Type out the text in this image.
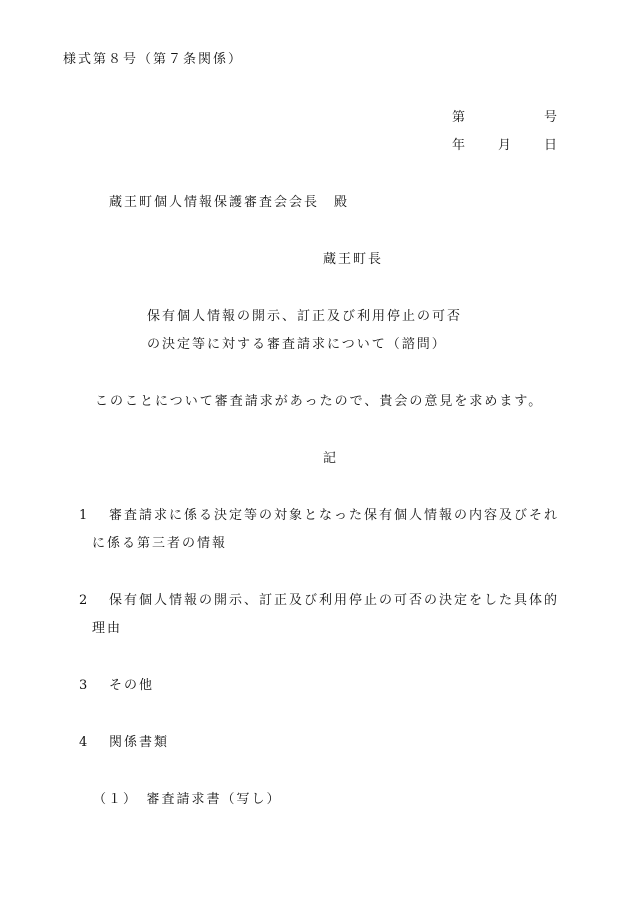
様式第８号（第７条関係）
第	号
年 月 日
蔵王町個人情報保護審査会会長　殿
蔵王町長
保有個人情報の開示、訂正及び利用停止の可否
の決定等に対する審査請求について（諮問）
このことについて審査請求があったので、貴会の意見を求めます。
記
1 審査請求に係る決定等の対象となった保有個人情報の内容及びそれ
に係る第三者の情報
2 保有個人情報の開示、訂正及び利用停止の可否の決定をした具体的
理由
3 その他
4 関係書類
（１）　審査請求書（写し）
